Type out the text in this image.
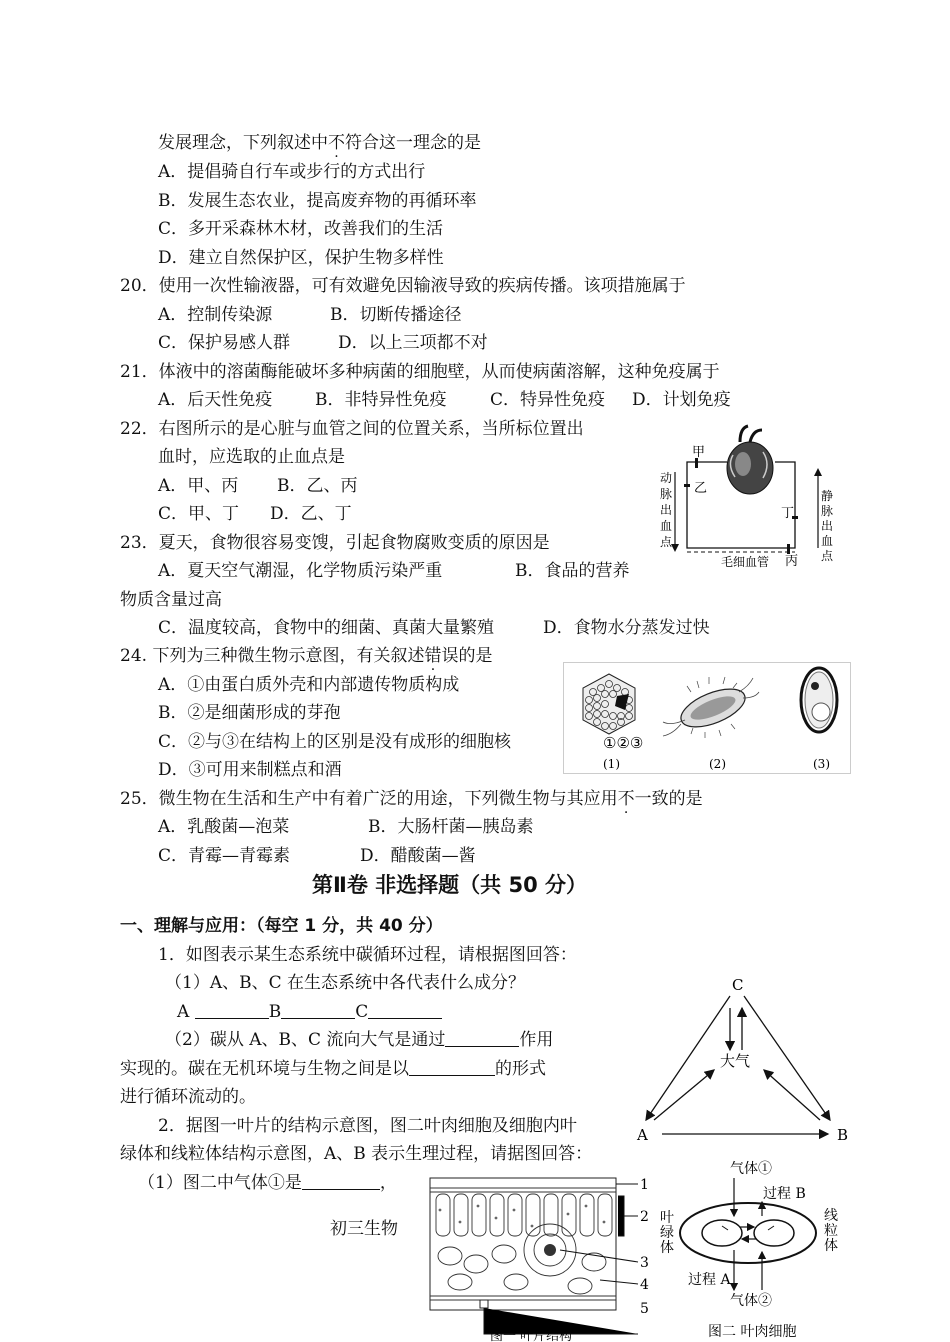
发展理念，下列叙述中不符合这一理念的是
A．提倡骑自行车或步行的方式出行
B．发展生态农业，提高废弃物的再循环率
C．多开采森林木材，改善我们的生活
D．建立自然保护区，保护生物多样性
20．使用一次性输液器，可有效避免因输液导致的疾病传播。该项措施属于
A．控制传染源	B．切断传播途径
C．保护易感人群	D．以上三项都不对
21．体液中的溶菌酶能破坏多种病菌的细胞壁，从而使病菌溶解，这种免疫属于
A．后天性免疫	B．非特异性免疫	C．特异性免疫 D．计划免疫
22．右图所示的是心脏与血管之间的位置关系，当所标位置出
血时，应选取的止血点是
A．甲、丙 B．乙、丙
C．甲、丁 D．乙、丁
甲
乙
丙
丁
毛细血管
动
脉
出
血
点
静
脉
出
血
点
23．夏天，食物很容易变馊，引起食物腐败变质的原因是
A．夏天空气潮湿，化学物质污染严重	B．食品的营养
物质含量过高
C．温度较高，食物中的细菌、真菌大量繁殖	D．食物水分蒸发过快
24. 下列为三种微生物示意图，有关叙述错误的是
A．①由蛋白质外壳和内部遗传物质构成
B．②是细菌形成的芽孢
C．②与③在结构上的区别是没有成形的细胞核
D．③可用来制糕点和酒
①②③
(1)	(2)	(3)
25．微生物在生活和生产中有着广泛的用途，下列微生物与其应用不一致的是
A．乳酸菌—泡菜	B．大肠杆菌—胰岛素
C．青霉—青霉素	D．醋酸菌—酱
第Ⅱ卷 非选择题（共 50 分）
一、理解与应用：（每空 1 分，共 40 分）
1．如图表示某生态系统中碳循环过程，请根据图回答：
（1）A、B、C 在生态系统中各代表什么成分？
A	B	C
（2）碳从 A、B、C 流向大气是通过	作用
实现的。碳在无机环境与生物之间是以	的形式
进行循环流动的。
C
大气
A	B
2．据图一叶片的结构示意图，图二叶肉细胞及细胞内叶
绿体和线粒体结构示意图，A、B 表示生理过程，请据图回答：
（1）图二中气体①是	，
初三生物
1
2
3
4
5
图一 叶片结构
气体①
过程 B
过程 A
气体②
叶
绿
体
线
粒
体
图二 叶肉细胞
